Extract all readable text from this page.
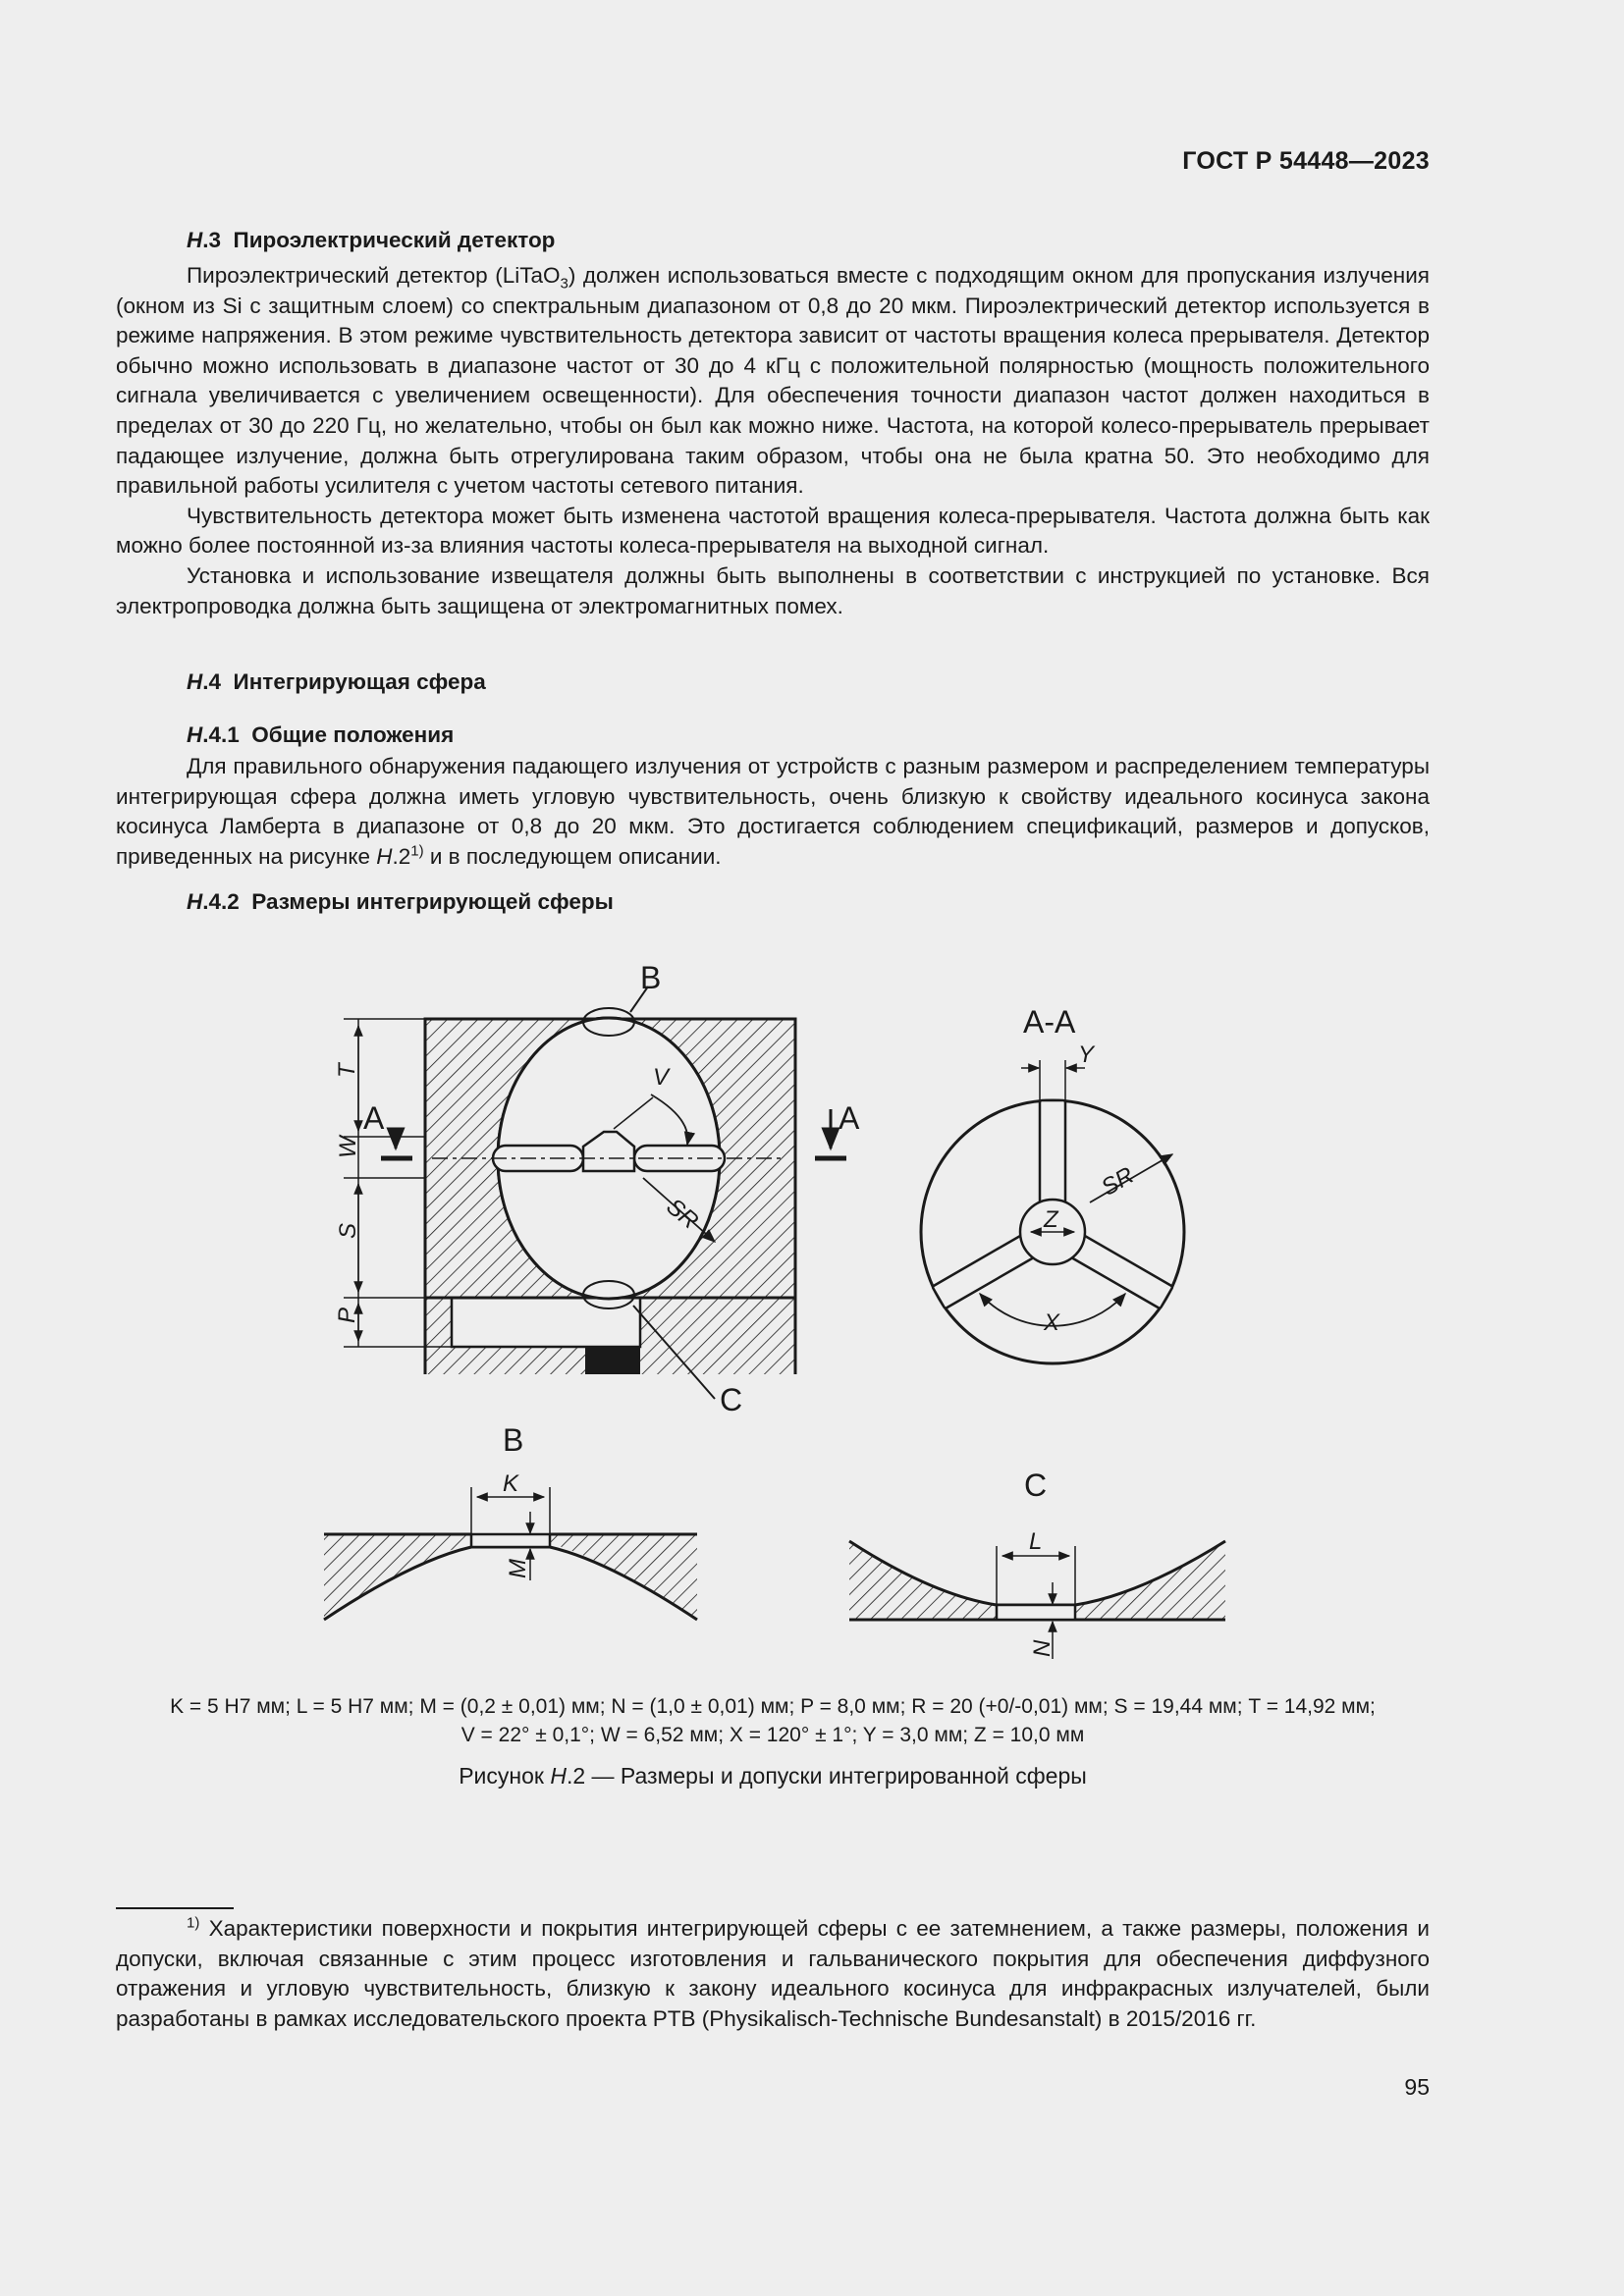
ГОСТ Р 54448—2023
H.3 Пироэлектрический детектор
Пироэлектрический детектор (LiTaO$_3$) должен использоваться вместе с подходящим окном для пропускания излучения (окном из Si с защитным слоем) со спектральным диапазоном от 0,8 до 20 мкм. Пироэлектрический детектор используется в режиме напряжения. В этом режиме чувствительность детектора зависит от частоты вращения колеса прерывателя. Детектор обычно можно использовать в диапазоне частот от 30 до 4 кГц с положительной полярностью (мощность положительного сигнала увеличивается с увеличением освещенности). Для обеспечения точности диапазон частот должен находиться в пределах от 30 до 220 Гц, но желательно, чтобы он был как можно ниже. Частота, на которой колесо-прерыватель прерывает падающее излучение, должна быть отрегулирована таким образом, чтобы она не была кратна 50. Это необходимо для правильной работы усилителя с учетом частоты сетевого питания.
Чувствительность детектора может быть изменена частотой вращения колеса-прерывателя. Частота должна быть как можно более постоянной из-за влияния частоты колеса-прерывателя на выходной сигнал.
Установка и использование извещателя должны быть выполнены в соответствии с инструкцией по установке. Вся электропроводка должна быть защищена от электромагнитных помех.
H.4 Интегрирующая сфера
H.4.1 Общие положения
Для правильного обнаружения падающего излучения от устройств с разным размером и распределением температуры интегрирующая сфера должна иметь угловую чувствительность, очень близкую к свойству идеального косинуса закона косинуса Ламберта в диапазоне от 0,8 до 20 мкм. Это достигается соблюдением спецификаций, размеров и допусков, приведенных на рисунке H.2$^{1)}$ и в последующем описании.
H.4.2 Размеры интегрирующей сферы
B
C
A	A
V
SR
T
W
S
P
A-A
Z
Y
SR
X
B
K
M
C
L
N
K = 5 H7 мм; L = 5 H7 мм; M = (0,2 ± 0,01) мм; N = (1,0 ± 0,01) мм; P = 8,0 мм; R = 20 (+0/-0,01) мм; S = 19,44 мм; T = 14,92 мм;
V = 22° ± 0,1°; W = 6,52 мм; X = 120° ± 1°; Y = 3,0 мм; Z = 10,0 мм
Рисунок H.2 — Размеры и допуски интегрированной сферы
$^{1)}$ Характеристики поверхности и покрытия интегрирующей сферы с ее затемнением, а также размеры, положения и допуски, включая связанные с этим процесс изготовления и гальванического покрытия для обеспечения диффузного отражения и угловую чувствительность, близкую к закону идеального косинуса для инфракрасных излучателей, были разработаны в рамках исследовательского проекта PTB (Physikalisch-Technische Bundesanstalt) в 2015/2016 гг.
95
